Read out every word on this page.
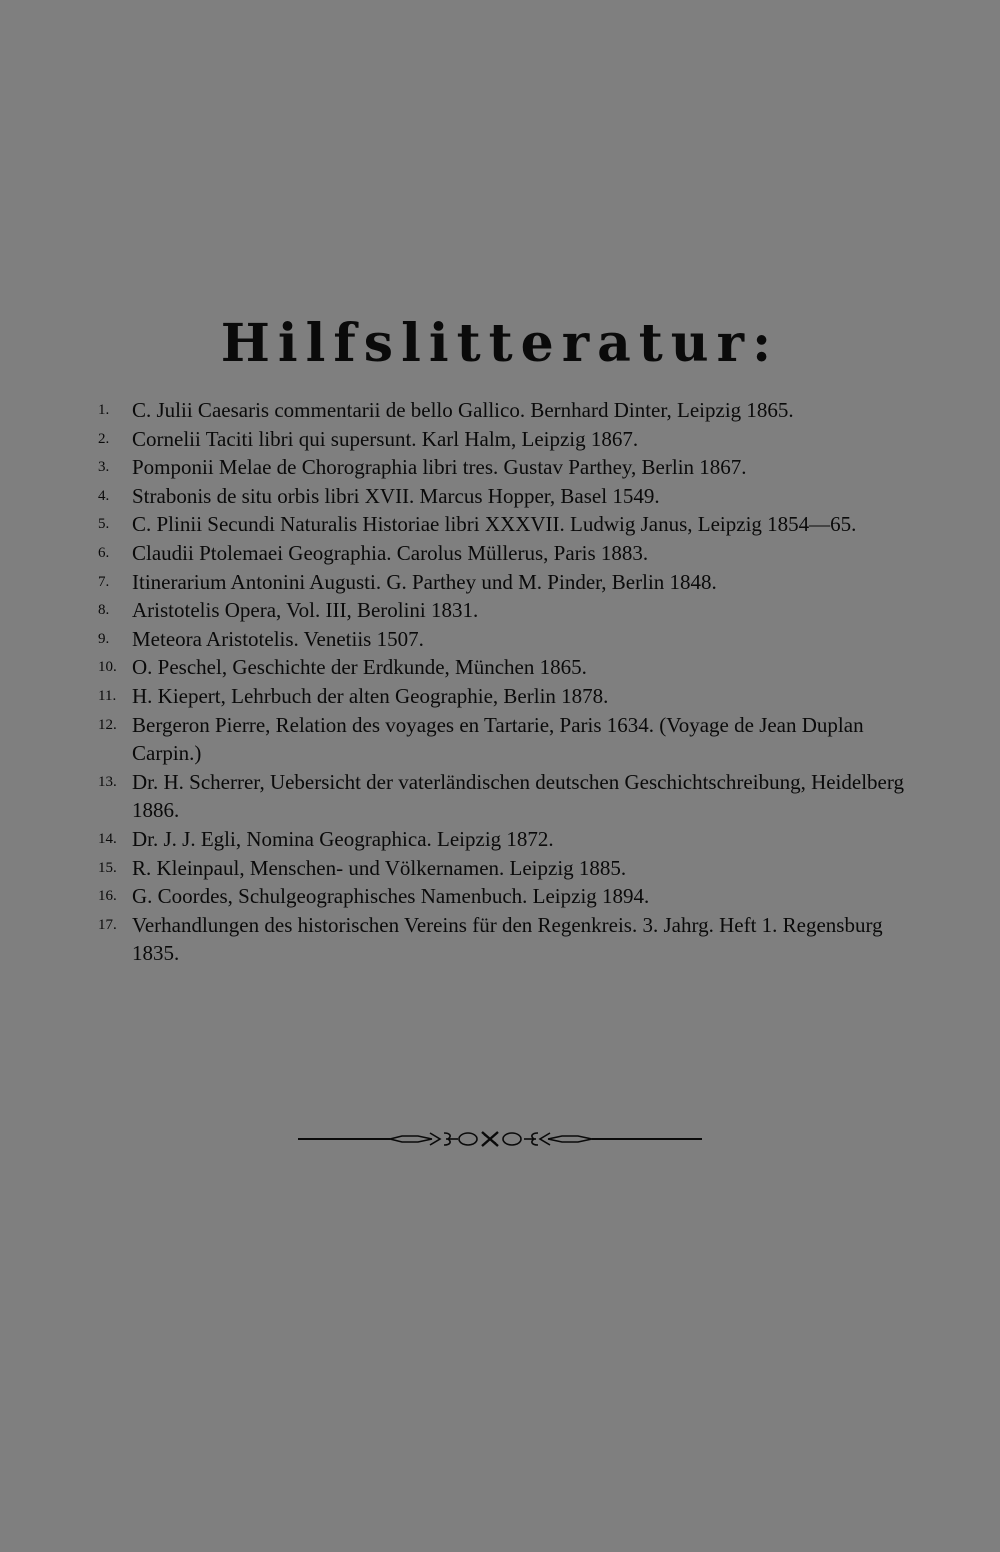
Hilfslitteratur:
1.	C. Julii Caesaris commentarii de bello Gallico. Bernhard Dinter, Leipzig 1865.
2.	Cornelii Taciti libri qui supersunt. Karl Halm, Leipzig 1867.
3.	Pomponii Melae de Chorographia libri tres. Gustav Parthey, Berlin 1867.
4.	Strabonis de situ orbis libri XVII. Marcus Hopper, Basel 1549.
5.	C. Plinii Secundi Naturalis Historiae libri XXXVII. Ludwig Janus, Leipzig 1854—65.
6.	Claudii Ptolemaei Geographia. Carolus Müllerus, Paris 1883.
7.	Itinerarium Antonini Augusti. G. Parthey und M. Pinder, Berlin 1848.
8.	Aristotelis Opera, Vol. III, Berolini 1831.
9.	Meteora Aristotelis. Venetiis 1507.
10. O. Peschel, Geschichte der Erdkunde, München 1865.
11. H. Kiepert, Lehrbuch der alten Geographie, Berlin 1878.
12. Bergeron Pierre, Relation des voyages en Tartarie, Paris 1634. (Voyage de Jean Duplan Carpin.)
13. Dr. H. Scherrer, Uebersicht der vaterländischen deutschen Geschichtschreibung, Heidelberg 1886.
14. Dr. J. J. Egli, Nomina Geographica. Leipzig 1872.
15. R. Kleinpaul, Menschen- und Völkernamen. Leipzig 1885.
16. G. Coordes, Schulgeographisches Namenbuch. Leipzig 1894.
17. Verhandlungen des historischen Vereins für den Regenkreis. 3. Jahrg. Heft 1. Regensburg 1835.
